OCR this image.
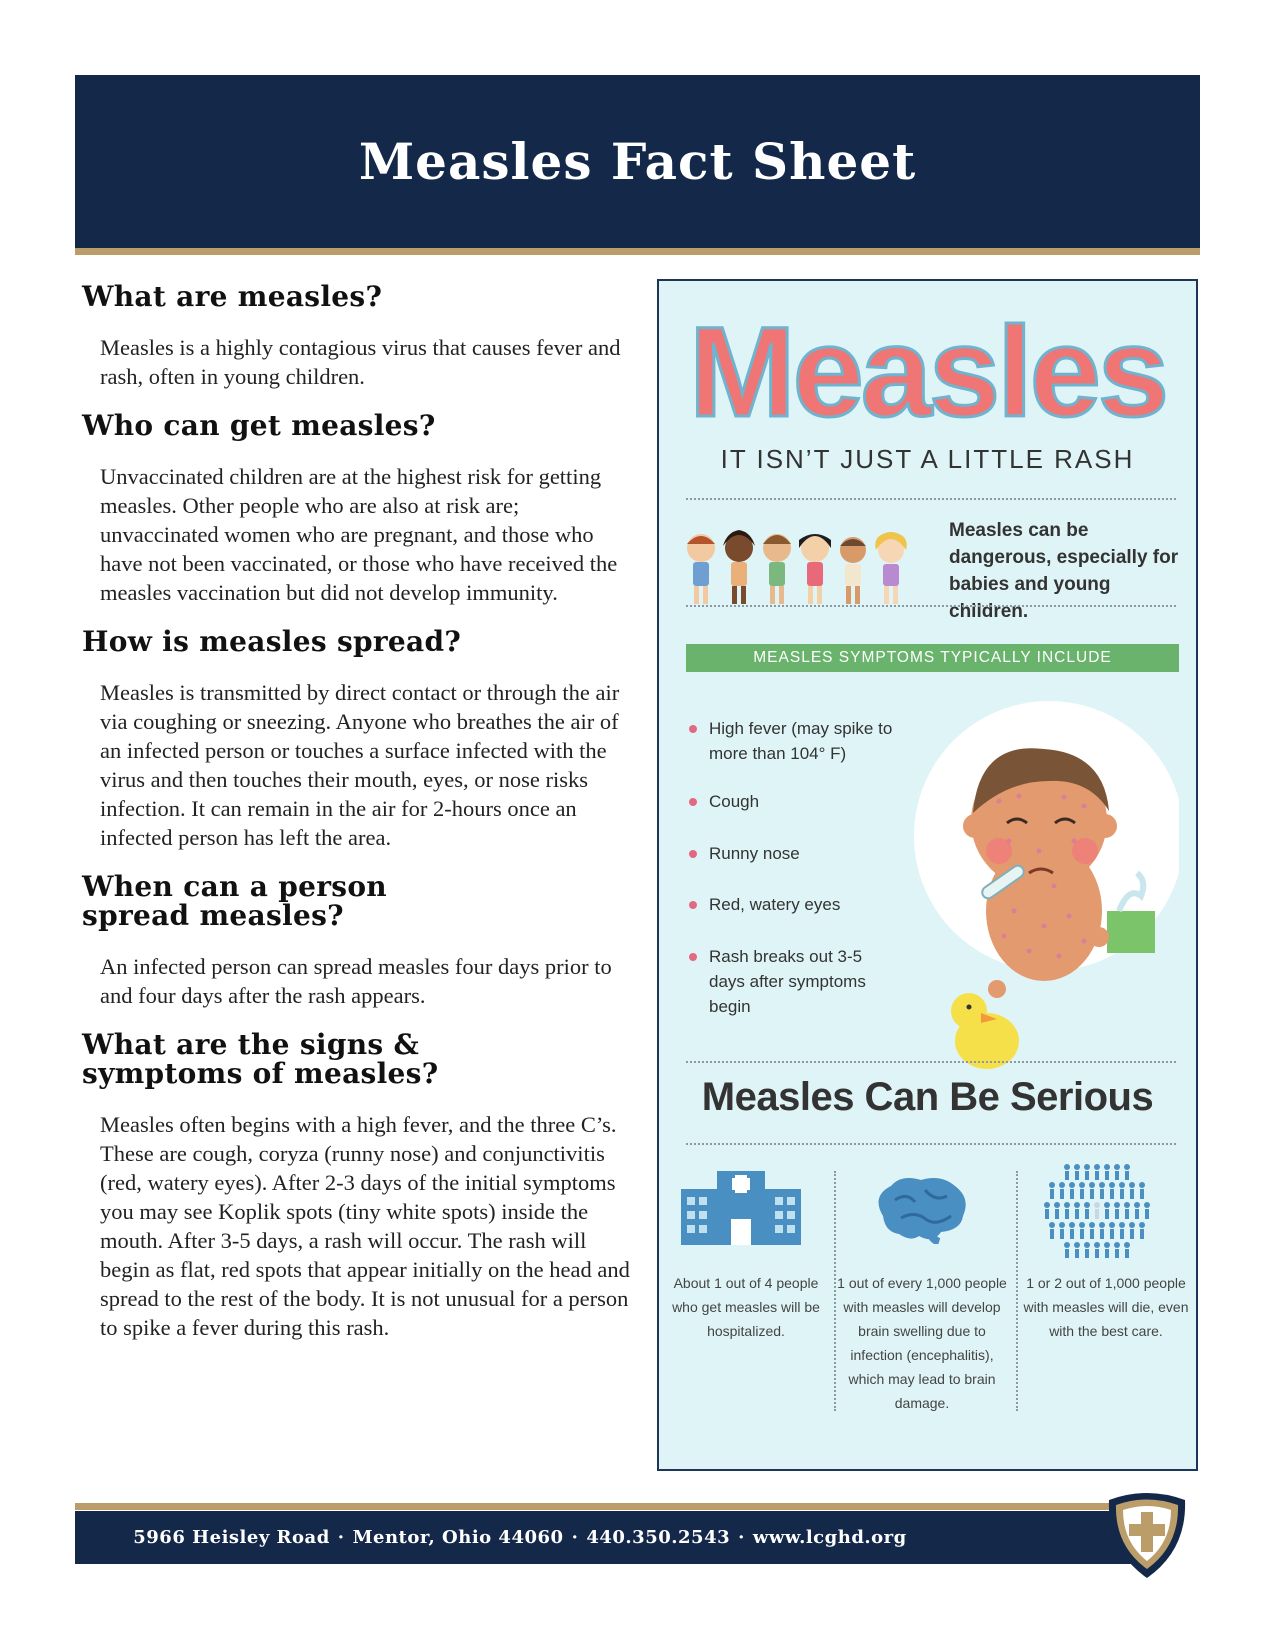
Measles Fact Sheet
What are measles?

Measles is a highly contagious virus that causes fever and rash, often in young children.

Who can get measles?

Unvaccinated children are at the highest risk for getting measles. Other people who are also at risk are; unvaccinated women who are pregnant, and those who have not been vaccinated, or those who have received the measles vaccination but did not develop immunity.

How is measles spread?

Measles is transmitted by direct contact or through the air via coughing or sneezing. Anyone who breathes the air of an infected person or touches a surface infected with the virus and then touches their mouth, eyes, or nose risks infection. It can remain in the air for 2-hours once an infected person has left the area.

When can a person spread measles?

An infected person can spread measles four days prior to and four days after the rash appears.

What are the signs & symptoms of measles?

Measles often begins with a high fever, and the three C’s. These are cough, coryza (runny nose) and conjunctivitis (red, watery eyes). After 2-3 days of the initial symptoms you may see Koplik spots (tiny white spots) inside the mouth. After 3-5 days, a rash will occur. The rash will begin as flat, red spots that appear initially on the head and spread to the rest of the body. It is not unusual for a person to spike a fever during this rash.

Measles
IT ISN’T JUST A LITTLE RASH
Measles can be dangerous, especially for babies and young children.
MEASLES SYMPTOMS TYPICALLY INCLUDE
High fever (may spike to more than 104° F)
Cough
Runny nose
Red, watery eyes
Rash breaks out 3-5 days after symptoms begin
Measles Can Be Serious
About 1 out of 4 people who get measles will be hospitalized.
1 out of every 1,000 people with measles will develop brain swelling due to infection (encephalitis), which may lead to brain damage.
1 or 2 out of 1,000 people with measles will die, even with the best care.
5966 Heisley Road · Mentor, Ohio 44060 · 440.350.2543 · www.lcghd.org
